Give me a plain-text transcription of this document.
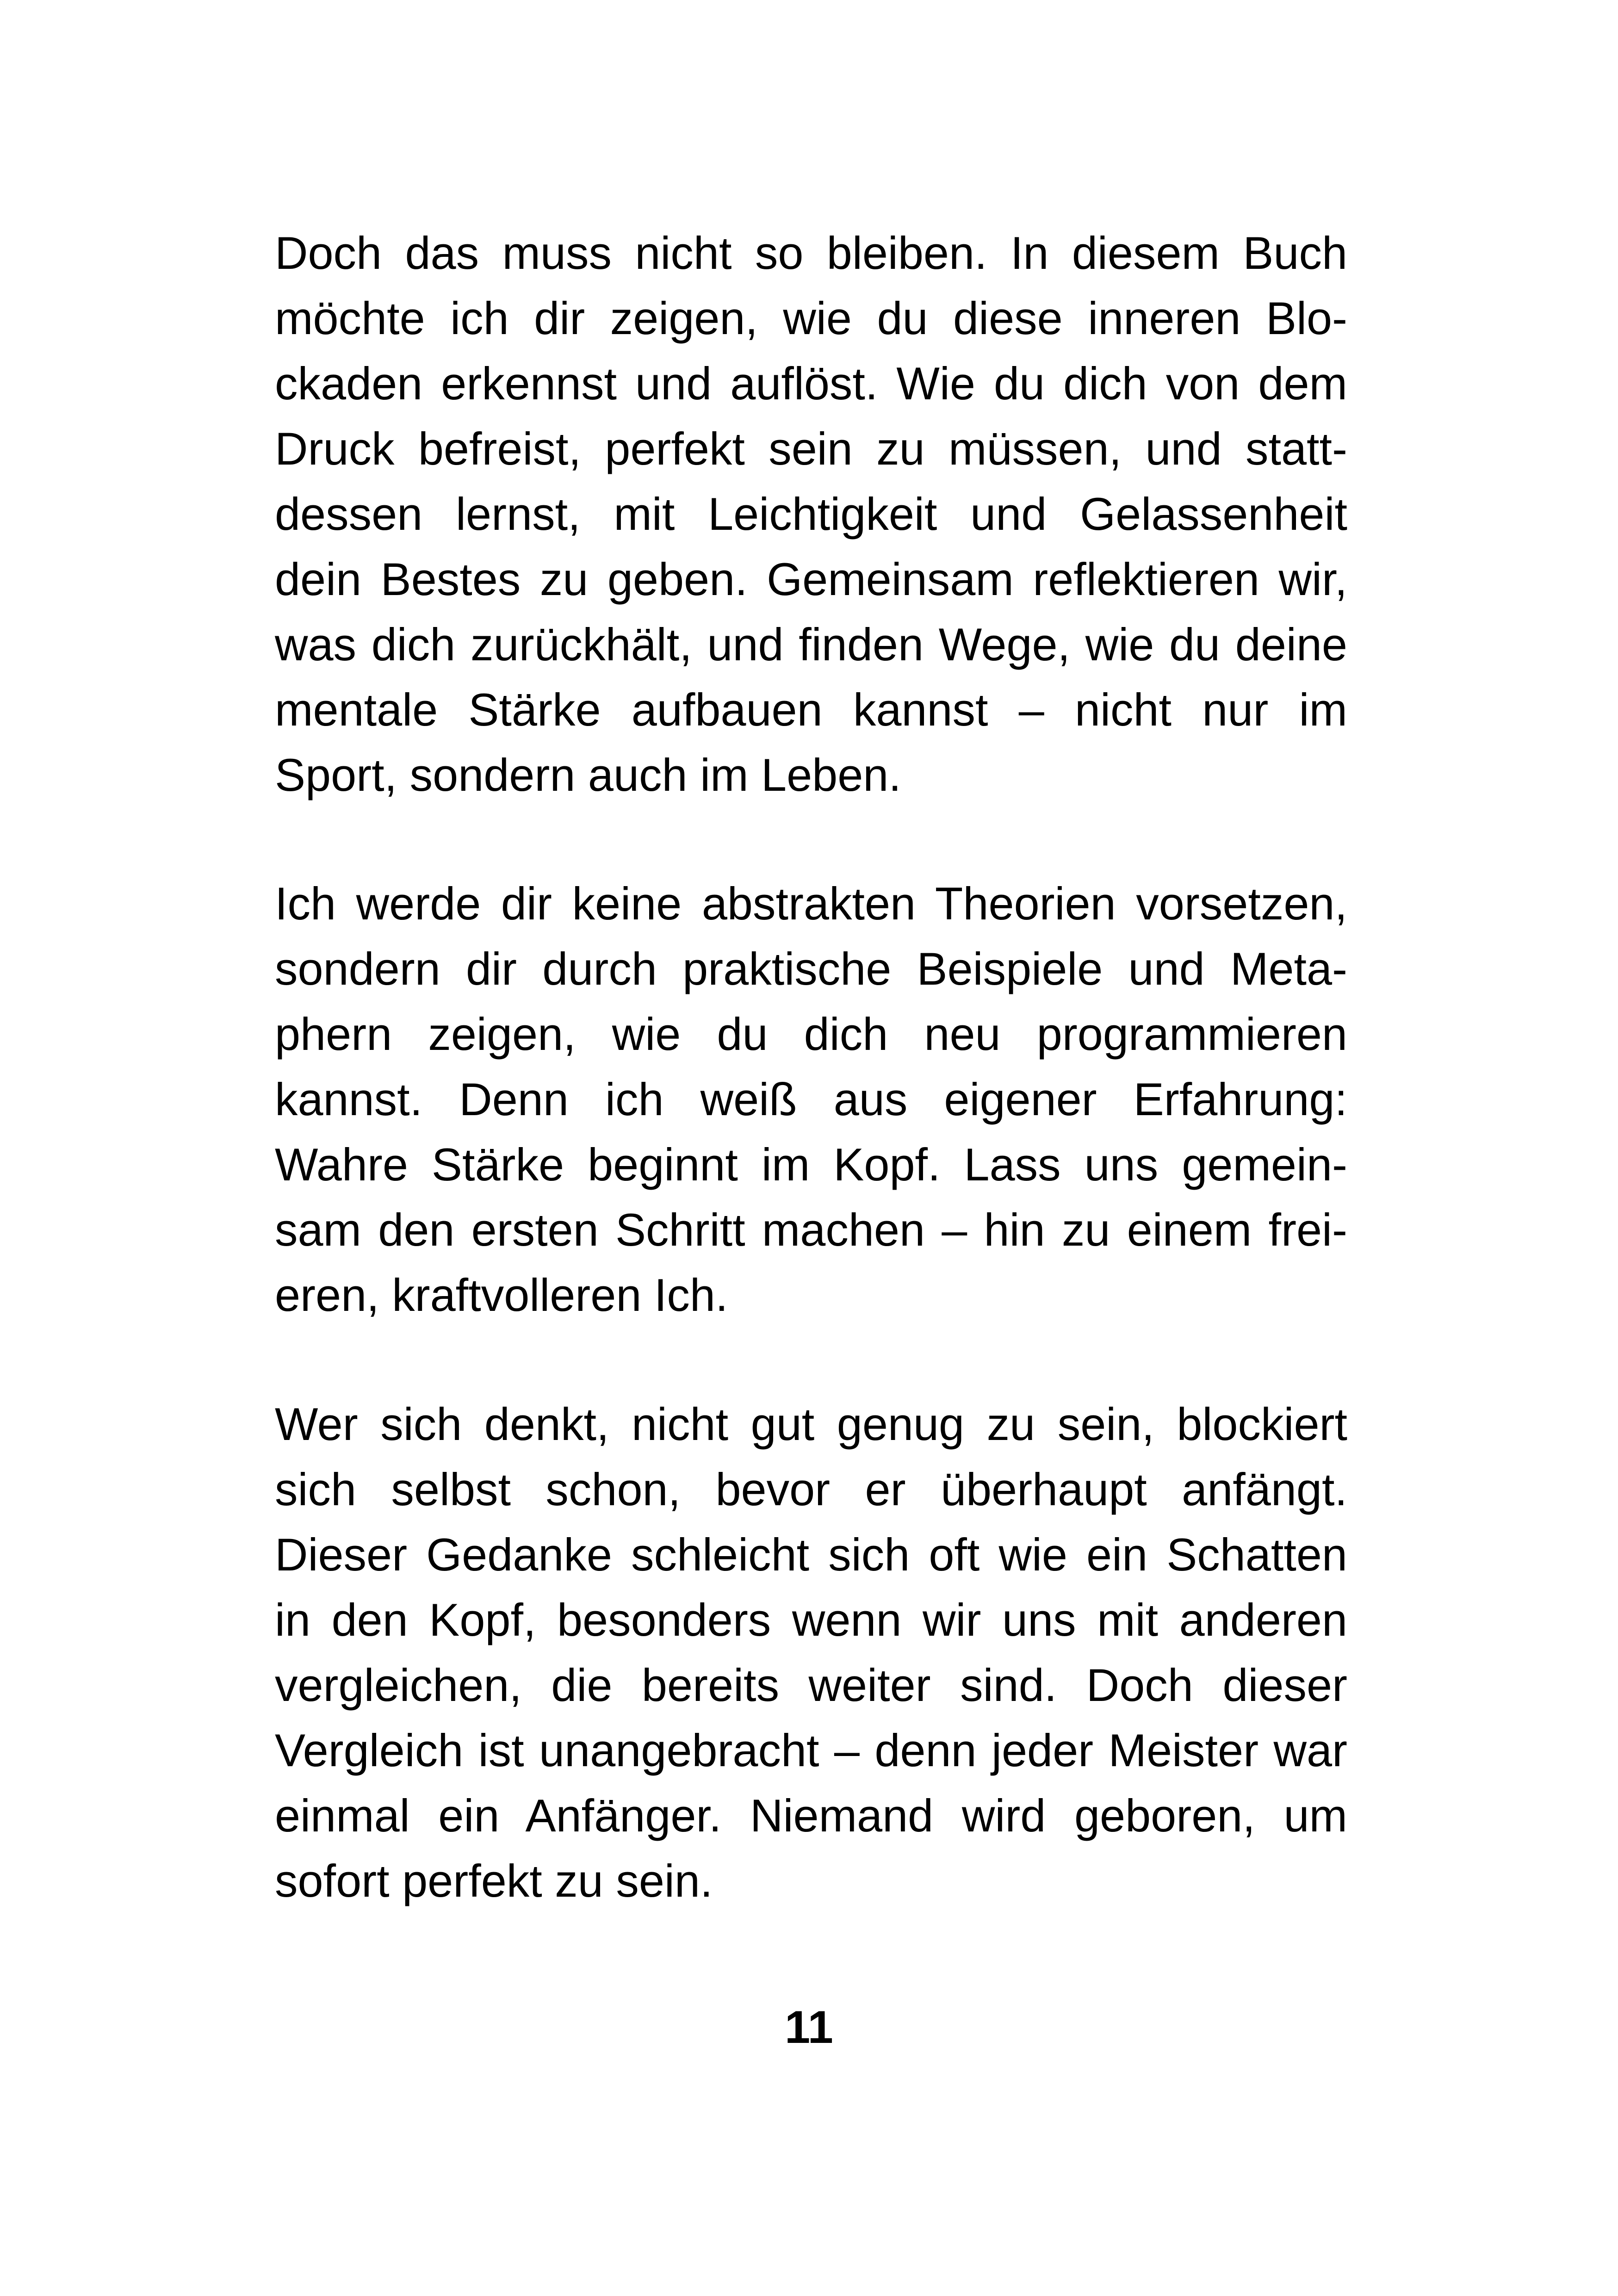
Doch das muss nicht so bleiben. In diesem Buch
möchte ich dir zeigen, wie du diese inneren Blo-
ckaden erkennst und auflöst. Wie du dich von dem
Druck befreist, perfekt sein zu müssen, und statt-
dessen lernst, mit Leichtigkeit und Gelassenheit
dein Bestes zu geben. Gemeinsam reflektieren wir,
was dich zurückhält, und finden Wege, wie du deine
mentale Stärke aufbauen kannst – nicht nur im
Sport, sondern auch im Leben.
Ich werde dir keine abstrakten Theorien vorsetzen,
sondern dir durch praktische Beispiele und Meta-
phern zeigen, wie du dich neu programmieren
kannst. Denn ich weiß aus eigener Erfahrung:
Wahre Stärke beginnt im Kopf. Lass uns gemein-
sam den ersten Schritt machen – hin zu einem frei-
eren, kraftvolleren Ich.
Wer sich denkt, nicht gut genug zu sein, blockiert
sich selbst schon, bevor er überhaupt anfängt.
Dieser Gedanke schleicht sich oft wie ein Schatten
in den Kopf, besonders wenn wir uns mit anderen
vergleichen, die bereits weiter sind. Doch dieser
Vergleich ist unangebracht – denn jeder Meister war
einmal ein Anfänger. Niemand wird geboren, um
sofort perfekt zu sein.
11
